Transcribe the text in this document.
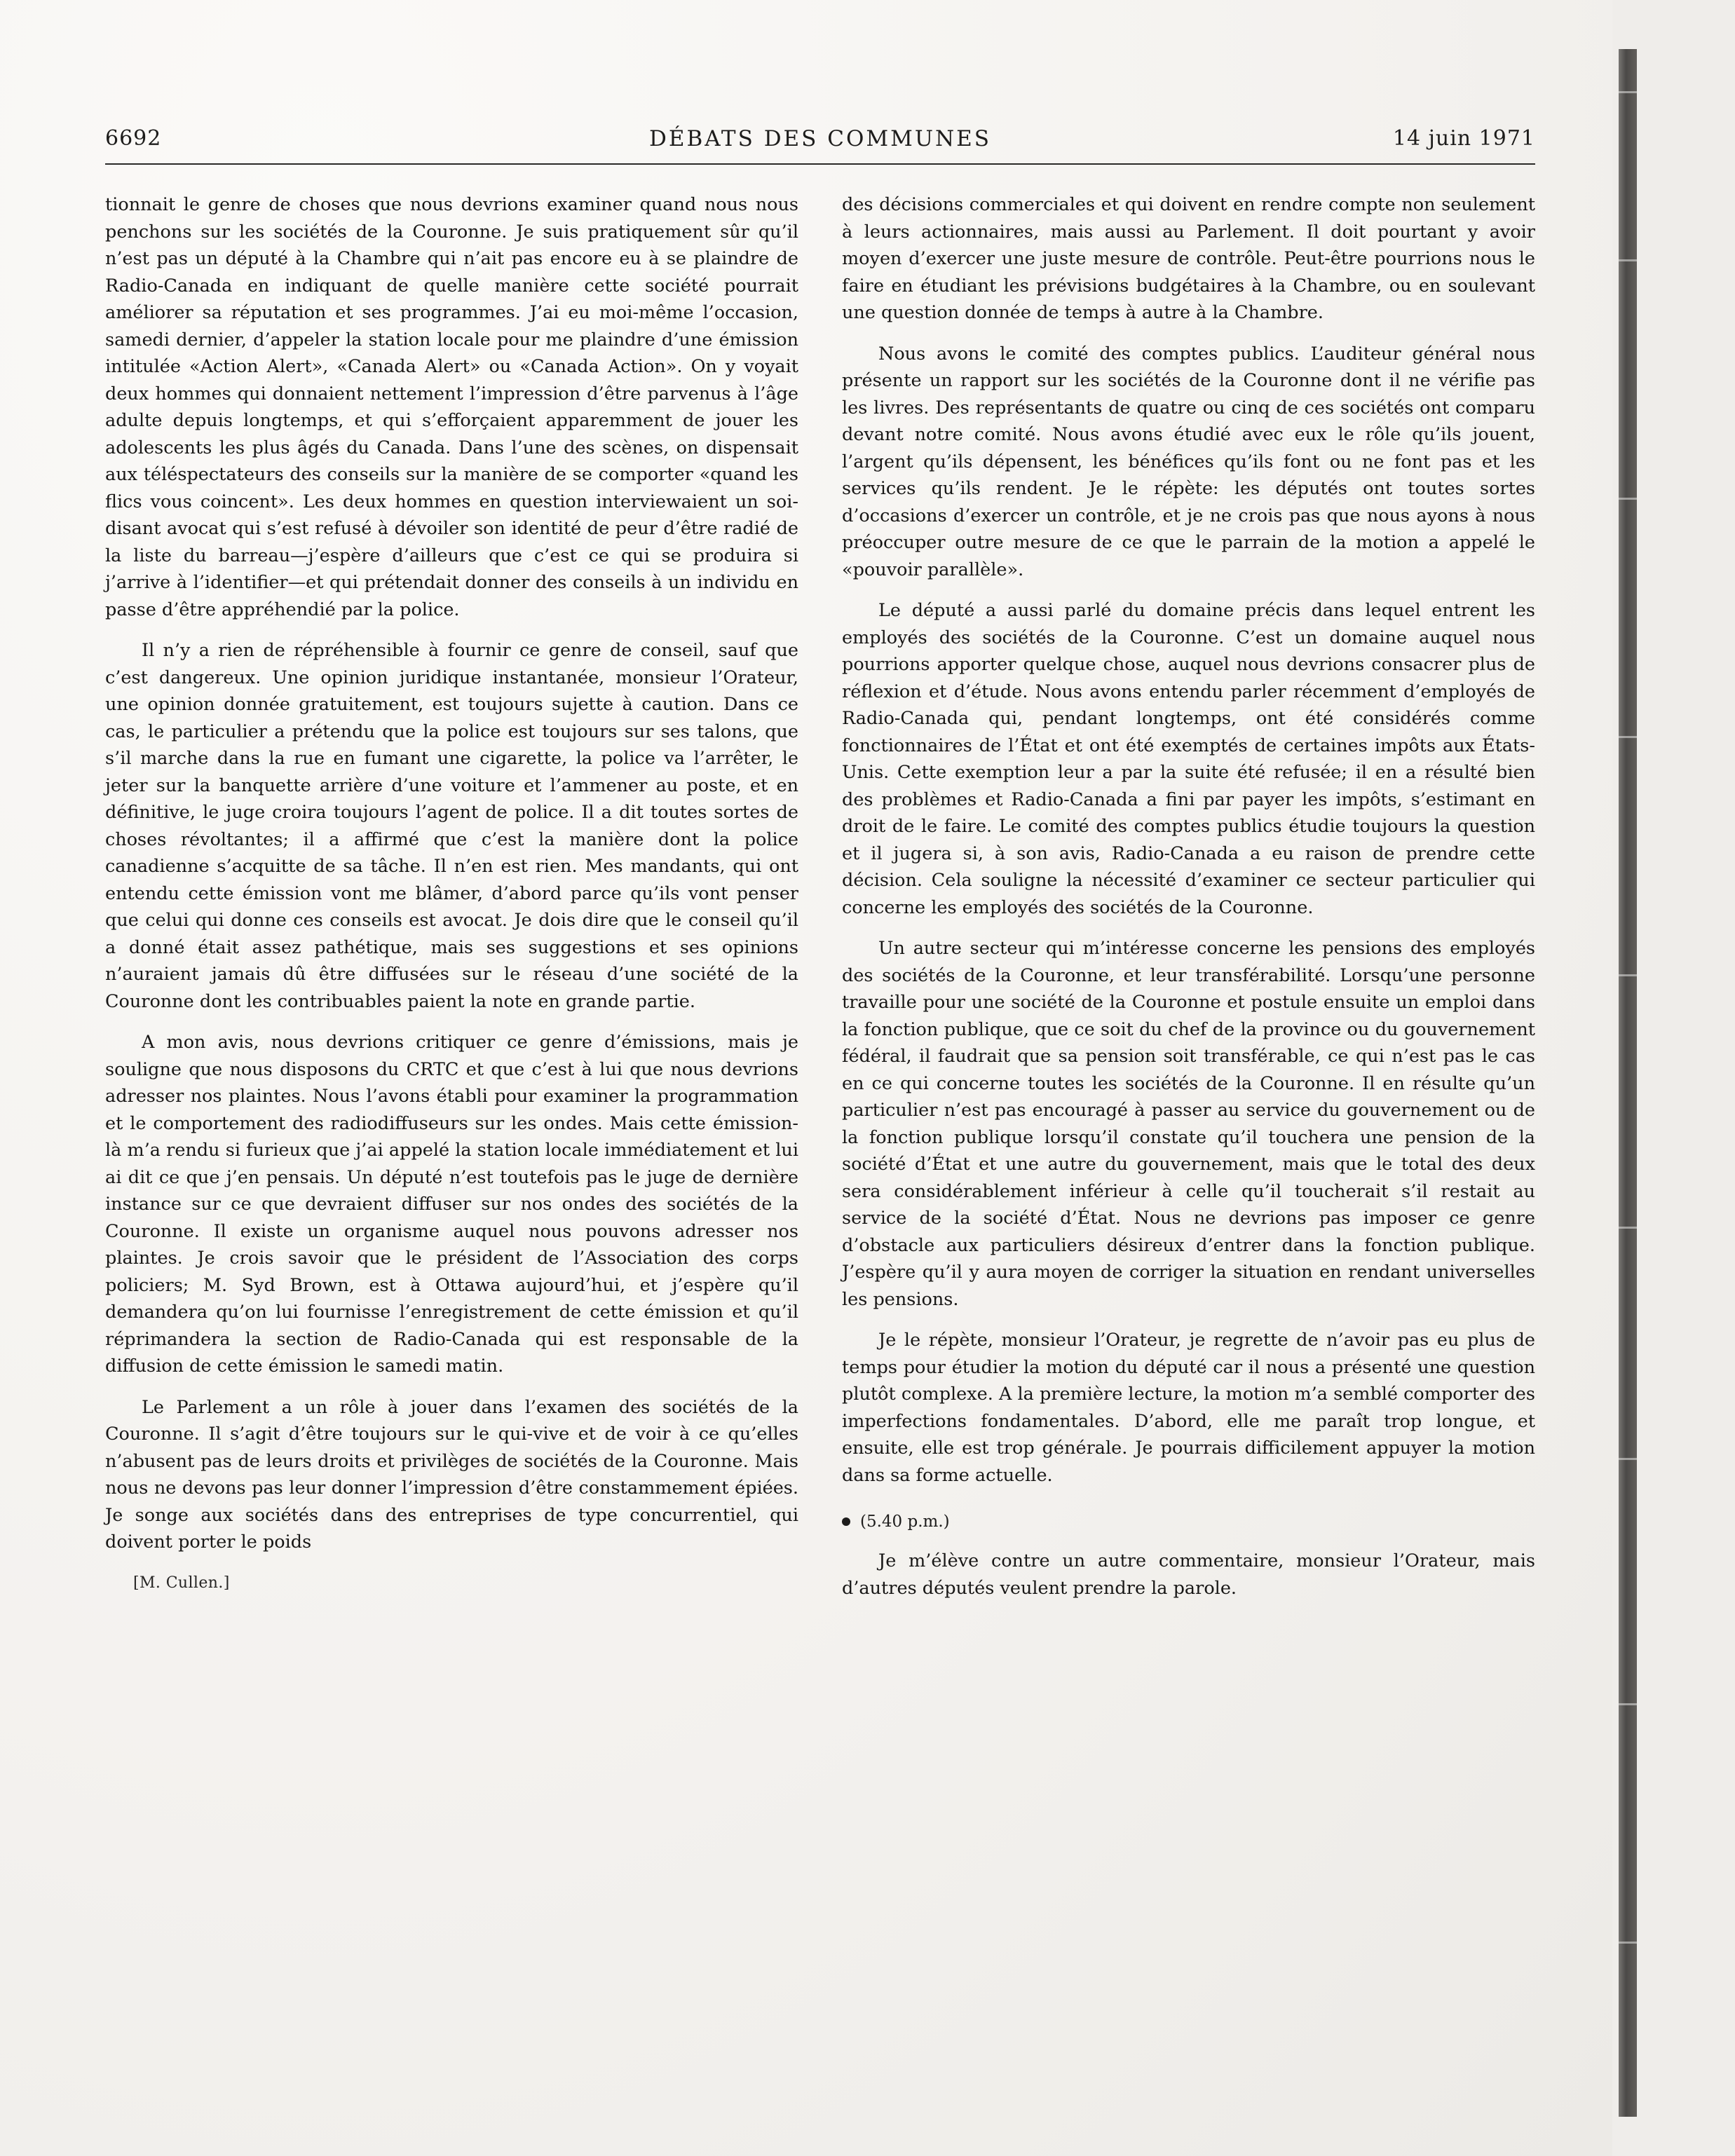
6692	DÉBATS DES COMMUNES	14 juin 1971

tionnait le genre de choses que nous devrions examiner quand nous nous penchons sur les sociétés de la Couronne. Je suis pratiquement sûr qu’il n’est pas un député à la Chambre qui n’ait pas encore eu à se plaindre de Radio-Canada en indiquant de quelle manière cette société pourrait améliorer sa réputation et ses programmes. J’ai eu moi-même l’occasion, samedi dernier, d’appeler la station locale pour me plaindre d’une émission intitulée «Action Alert», «Canada Alert» ou «Canada Action». On y voyait deux hommes qui donnaient nettement l’impression d’être parvenus à l’âge adulte depuis longtemps, et qui s’efforçaient apparemment de jouer les adolescents les plus âgés du Canada. Dans l’une des scènes, on dispensait aux téléspectateurs des conseils sur la manière de se comporter «quand les flics vous coincent». Les deux hommes en question interviewaient un soi-disant avocat qui s’est refusé à dévoiler son identité de peur d’être radié de la liste du barreau—j’espère d’ailleurs que c’est ce qui se produira si j’arrive à l’identifier—et qui prétendait donner des conseils à un individu en passe d’être appréhendié par la police.

Il n’y a rien de répréhensible à fournir ce genre de conseil, sauf que c’est dangereux. Une opinion juridique instantanée, monsieur l’Orateur, une opinion donnée gratuitement, est toujours sujette à caution. Dans ce cas, le particulier a prétendu que la police est toujours sur ses talons, que s’il marche dans la rue en fumant une cigarette, la police va l’arrêter, le jeter sur la banquette arrière d’une voiture et l’ammener au poste, et en définitive, le juge croira toujours l’agent de police. Il a dit toutes sortes de choses révoltantes; il a affirmé que c’est la manière dont la police canadienne s’acquitte de sa tâche. Il n’en est rien. Mes mandants, qui ont entendu cette émission vont me blâmer, d’abord parce qu’ils vont penser que celui qui donne ces conseils est avocat. Je dois dire que le conseil qu’il a donné était assez pathétique, mais ses suggestions et ses opinions n’auraient jamais dû être diffusées sur le réseau d’une société de la Couronne dont les contribuables paient la note en grande partie.

A mon avis, nous devrions critiquer ce genre d’émissions, mais je souligne que nous disposons du CRTC et que c’est à lui que nous devrions adresser nos plaintes. Nous l’avons établi pour examiner la programmation et le comportement des radiodiffuseurs sur les ondes. Mais cette émission-là m’a rendu si furieux que j’ai appelé la station locale immédiatement et lui ai dit ce que j’en pensais. Un député n’est toutefois pas le juge de dernière instance sur ce que devraient diffuser sur nos ondes des sociétés de la Couronne. Il existe un organisme auquel nous pouvons adresser nos plaintes. Je crois savoir que le président de l’Association des corps policiers; M. Syd Brown, est à Ottawa aujourd’hui, et j’espère qu’il demandera qu’on lui fournisse l’enregistrement de cette émission et qu’il réprimandera la section de Radio-Canada qui est responsable de la diffusion de cette émission le samedi matin.

Le Parlement a un rôle à jouer dans l’examen des sociétés de la Couronne. Il s’agit d’être toujours sur le qui-vive et de voir à ce qu’elles n’abusent pas de leurs droits et privilèges de sociétés de la Couronne. Mais nous ne devons pas leur donner l’impression d’être constammement épiées. Je songe aux sociétés dans des entreprises de type concurrentiel, qui doivent porter le poids

[M. Cullen.]

des décisions commerciales et qui doivent en rendre compte non seulement à leurs actionnaires, mais aussi au Parlement. Il doit pourtant y avoir moyen d’exercer une juste mesure de contrôle. Peut-être pourrions nous le faire en étudiant les prévisions budgétaires à la Chambre, ou en soulevant une question donnée de temps à autre à la Chambre.

Nous avons le comité des comptes publics. L’auditeur général nous présente un rapport sur les sociétés de la Couronne dont il ne vérifie pas les livres. Des représentants de quatre ou cinq de ces sociétés ont comparu devant notre comité. Nous avons étudié avec eux le rôle qu’ils jouent, l’argent qu’ils dépensent, les bénéfices qu’ils font ou ne font pas et les services qu’ils rendent. Je le répète: les députés ont toutes sortes d’occasions d’exercer un contrôle, et je ne crois pas que nous ayons à nous préoccuper outre mesure de ce que le parrain de la motion a appelé le «pouvoir parallèle».

Le député a aussi parlé du domaine précis dans lequel entrent les employés des sociétés de la Couronne. C’est un domaine auquel nous pourrions apporter quelque chose, auquel nous devrions consacrer plus de réflexion et d’étude. Nous avons entendu parler récemment d’employés de Radio-Canada qui, pendant longtemps, ont été considérés comme fonctionnaires de l’État et ont été exemptés de certaines impôts aux États-Unis. Cette exemption leur a par la suite été refusée; il en a résulté bien des problèmes et Radio-Canada a fini par payer les impôts, s’estimant en droit de le faire. Le comité des comptes publics étudie toujours la question et il jugera si, à son avis, Radio-Canada a eu raison de prendre cette décision. Cela souligne la nécessité d’examiner ce secteur particulier qui concerne les employés des sociétés de la Couronne.

Un autre secteur qui m’intéresse concerne les pensions des employés des sociétés de la Couronne, et leur transférabilité. Lorsqu’une personne travaille pour une société de la Couronne et postule ensuite un emploi dans la fonction publique, que ce soit du chef de la province ou du gouvernement fédéral, il faudrait que sa pension soit transférable, ce qui n’est pas le cas en ce qui concerne toutes les sociétés de la Couronne. Il en résulte qu’un particulier n’est pas encouragé à passer au service du gouvernement ou de la fonction publique lorsqu’il constate qu’il touchera une pension de la société d’État et une autre du gouvernement, mais que le total des deux sera considérablement inférieur à celle qu’il toucherait s’il restait au service de la société d’État. Nous ne devrions pas imposer ce genre d’obstacle aux particuliers désireux d’entrer dans la fonction publique. J’espère qu’il y aura moyen de corriger la situation en rendant universelles les pensions.

Je le répète, monsieur l’Orateur, je regrette de n’avoir pas eu plus de temps pour étudier la motion du député car il nous a présenté une question plutôt complexe. A la première lecture, la motion m’a semblé comporter des imperfections fondamentales. D’abord, elle me paraît trop longue, et ensuite, elle est trop générale. Je pourrais difficilement appuyer la motion dans sa forme actuelle.

(5.40 p.m.)

Je m’élève contre un autre commentaire, monsieur l’Orateur, mais d’autres députés veulent prendre la parole.
